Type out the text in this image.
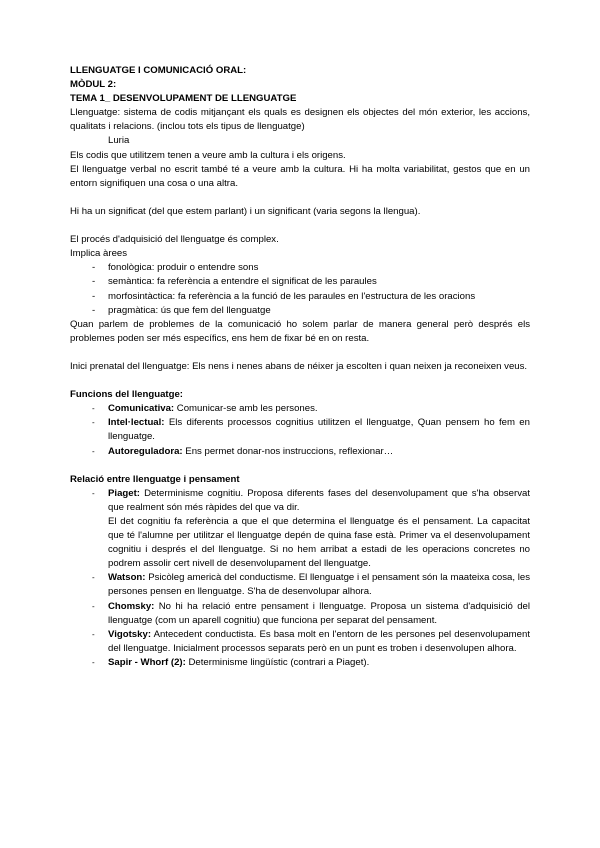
LLENGUATGE I COMUNICACIÓ ORAL:
MÒDUL 2:
TEMA 1_ DESENVOLUPAMENT DE LLENGUATGE
Llenguatge: sistema de codis mitjançant els quals es designen els objectes del món exterior, les accions, qualitats i relacions. (inclou tots els tipus de llenguatge)
Luria
Els codis que utilitzem tenen a veure amb la cultura i els origens.
El llenguatge verbal no escrit també té a veure amb la cultura. Hi ha molta variabilitat, gestos que en un entorn signifiquen una cosa o una altra.
Hi ha un significat (del que estem parlant) i un significant (varia segons la llengua).
El procés d'adquisició del llenguatge és complex.
Implica àrees
- fonològica: produir o entendre sons
- semàntica: fa referència a entendre el significat de les paraules
- morfosintàctica: fa referència a la funció de les paraules en l'estructura de les oracions
- pragmàtica: ús que fem del llenguatge
Quan parlem de problemes de la comunicació ho solem parlar de manera general però després els problemes poden ser més específics, ens hem de fixar bé en on resta.
Inici prenatal del llenguatge: Els nens i nenes abans de néixer ja escolten i quan neixen ja reconeixen veus.
Funcions del llenguatge:
- Comunicativa: Comunicar-se amb les persones.
- Intel·lectual: Els diferents processos cognitius utilitzen el llenguatge, Quan pensem ho fem en llenguatge.
- Autoreguladora: Ens permet donar-nos instruccions, reflexionar…
Relació entre llenguatge i pensament
- Piaget: Determinisme cognitiu. Proposa diferents fases del desenvolupament que s'ha observat que realment són més ràpides del que va dir.
El det cognitiu fa referència a que el que determina el llenguatge és el pensament. La capacitat que té l'alumne per utilitzar el llenguatge depén de quina fase està. Primer va el desenvolupament cognitiu i després el del llenguatge. Si no hem arribat a estadi de les operacions concretes no podrem assolir cert nivell de desenvolupament del llenguatge.
- Watson: Psicòleg americà del conductisme. El llenguatge i el pensament són la maateixa cosa, les persones pensen en llenguatge. S'ha de desenvolupar alhora.
- Chomsky: No hi ha relació entre pensament i llenguatge. Proposa un sistema d'adquisició del llenguatge (com un aparell cognitiu) que funciona per separat del pensament.
- Vigotsky: Antecedent conductista. Es basa molt en l'entorn de les persones pel desenvolupament del llenguatge. Inicialment processos separats però en un punt es troben i desenvolupen alhora.
- Sapir - Whorf (2): Determinisme lingüístic (contrari a Piaget).
